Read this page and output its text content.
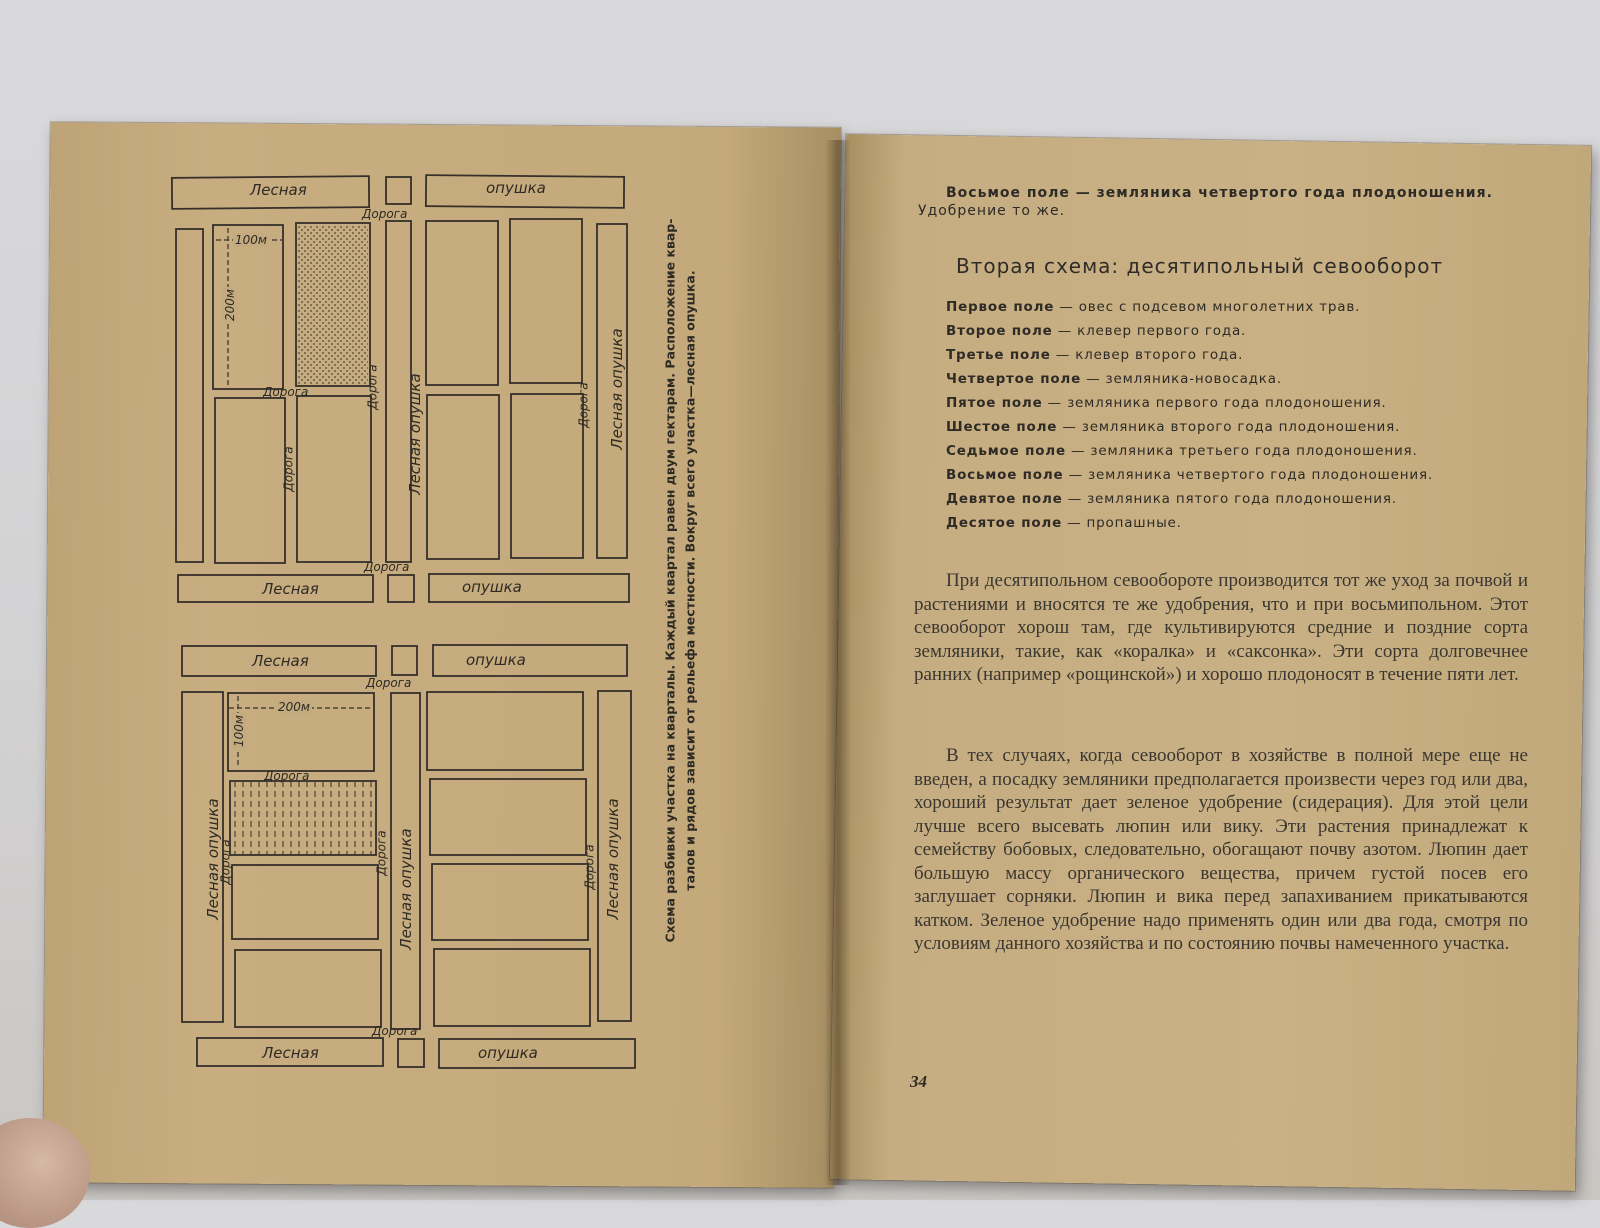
Лесная	опушка
Дорога
100м
200м
Дорога
Дорога
Дорога Лесная опушка	Дорога Лесная опушка
Дорога
Лесная	опушка
Лесная	опушка
Дорога
200м
100м
Дорога
Лесная опушка
Дорога	Дорога Лесная опушка	Дорога Лесная опушка
Дорога
Лесная	опушка
Схема разбивки участка на кварталы. Каждый квартал равен двум гектарам. Расположение квар- талов и рядов зависит от рельефа местности. Вокруг всего участка—лесная опушка.
Восьмое поле — земляника четвертого года плодоношения.
Удобрение то же.
Вторая схема: десятипольный севооборот
Первое поле — овес с подсевом многолетних трав.
Второе поле — клевер первого года.
Третье поле — клевер второго года.
Четвертое поле — земляника-новосадка.
Пятое поле — земляника первого года плодоношения.
Шестое поле — земляника второго года плодоношения.
Седьмое поле — земляника третьего года плодоношения.
Восьмое поле — земляника четвертого года плодоношения.
Девятое поле — земляника пятого года плодоношения.
Десятое поле — пропашные.
При десятипольном севообороте производится тот же уход за почвой и растениями и вносятся те же удобрения, что и при восьмипольном. Этот севооборот хорош там, где культивируются средние и поздние сорта земляники, такие, как «коралка» и «саксонка». Эти сорта долговечнее ранних (например «рощинской») и хорошо плодоносят в течение пяти лет.
В тех случаях, когда севооборот в хозяйстве в полной мере еще не введен, а посадку земляники предполагается произвести через год или два, хороший результат дает зеленое удобрение (сидерация). Для этой цели лучше всего высевать люпин или вику. Эти растения принадлежат к семейству бобовых, следовательно, обогащают почву азотом. Люпин дает большую массу органического вещества, причем густой посев его заглушает сорняки. Люпин и вика перед запахиванием прикатываются катком. Зеленое удобрение надо применять один или два года, смотря по условиям данного хозяйства и по состоянию почвы намеченного участка.
34
